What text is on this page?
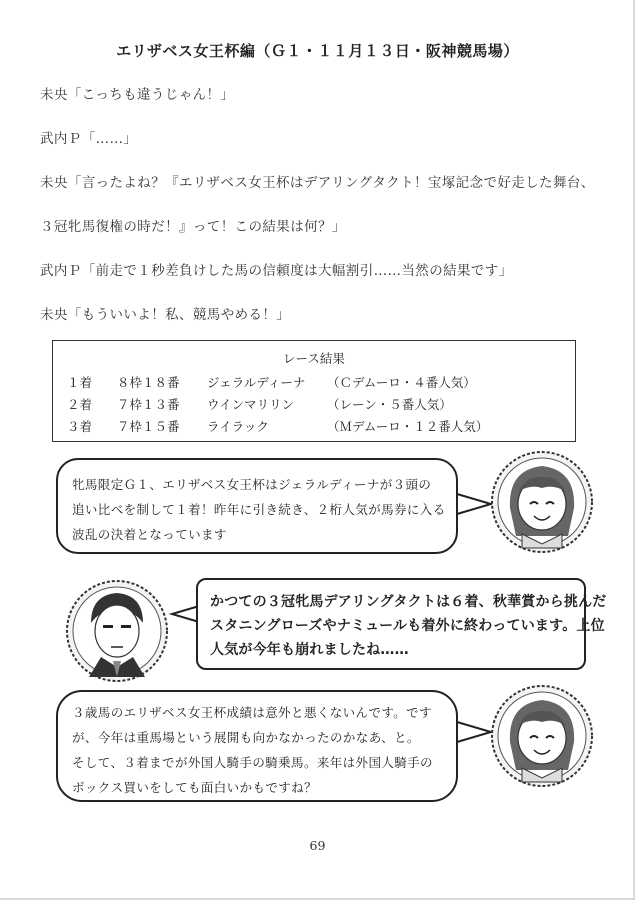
エリザベス女王杯編（Ｇ１・１１月１３日・阪神競馬場）
未央「こっちも違うじゃん！」
武内Ｐ「……」
未央「言ったよね？『エリザベス女王杯はデアリングタクト！宝塚記念で好走した舞台、
３冠牝馬復権の時だ！』って！この結果は何？」
武内Ｐ「前走で１秒差負けした馬の信頼度は大幅割引……当然の結果です」
未央「もういいよ！私、競馬やめる！」
レース結果
１着 ８枠１８番 ジェラルディーナ （Ｃデムーロ・４番人気）
２着 ７枠１３番 ウインマリリン	（レーン・５番人気）
３着 ７枠１５番 ライラック	（Ｍデムーロ・１２番人気）

牝馬限定Ｇ１、エリザベス女王杯はジェラルディーナが３頭の

追い比べを制して１着！昨年に引き続き、２桁人気が馬券に入る

波乱の決着となっています

かつての３冠牝馬デアリングタクトは６着、秋華賞から挑んだ

スタニングローズやナミュールも着外に終わっています。上位

人気が今年も崩れましたね……

３歳馬のエリザベス女王杯成績は意外と悪くないんです。です

が、今年は重馬場という展開も向かなかったのかなあ、と。

そして、３着までが外国人騎手の騎乗馬。来年は外国人騎手の

ボックス買いをしても面白いかもですね？

69
